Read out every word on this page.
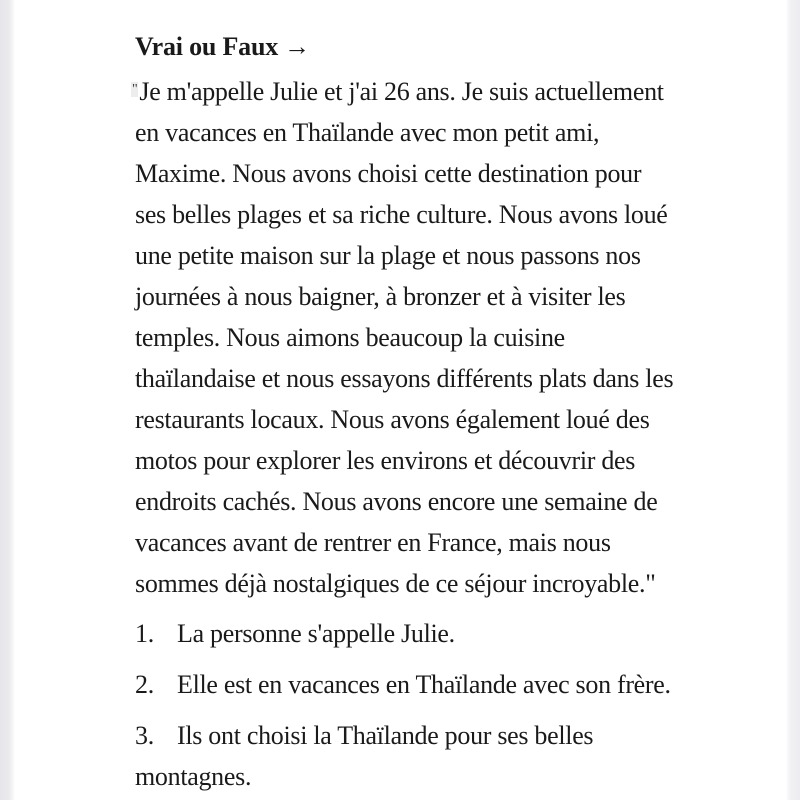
Vrai ou Faux →
"Je m'appelle Julie et j'ai 26 ans. Je suis actuellement
en vacances en Thaïlande avec mon petit ami,
Maxime. Nous avons choisi cette destination pour
ses belles plages et sa riche culture. Nous avons loué
une petite maison sur la plage et nous passons nos
journées à nous baigner, à bronzer et à visiter les
temples. Nous aimons beaucoup la cuisine
thaïlandaise et nous essayons différents plats dans les
restaurants locaux. Nous avons également loué des
motos pour explorer les environs et découvrir des
endroits cachés. Nous avons encore une semaine de
vacances avant de rentrer en France, mais nous
sommes déjà nostalgiques de ce séjour incroyable."
1. La personne s'appelle Julie.
2. Elle est en vacances en Thaïlande avec son frère.
3. Ils ont choisi la Thaïlande pour ses belles
montagnes.
